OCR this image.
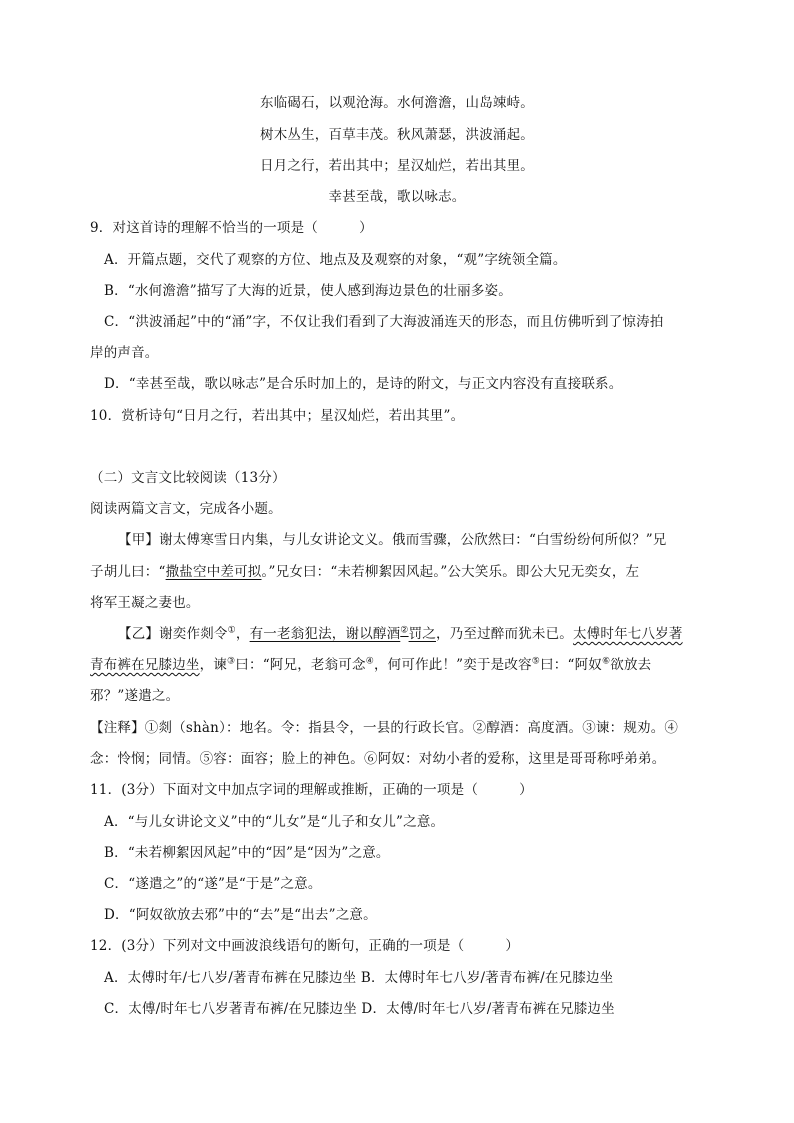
东临碣石，以观沧海。水何澹澹，山岛竦峙。
树木丛生，百草丰茂。秋风萧瑟，洪波涌起。
日月之行，若出其中；星汉灿烂，若出其里。
幸甚至哉，歌以咏志。
9．对这首诗的理解不恰当的一项是（　　　）
A．开篇点题，交代了观察的方位、地点及及观察的对象，“观”字统领全篇。
B．“水何澹澹”描写了大海的近景，使人感到海边景色的壮丽多姿。
C．“洪波涌起”中的“涌”字，不仅让我们看到了大海波涌连天的形态，而且仿佛听到了惊涛拍
岸的声音。
D．“幸甚至哉，歌以咏志”是合乐时加上的，是诗的附文，与正文内容没有直接联系。
10．赏析诗句“日月之行，若出其中；星汉灿烂，若出其里”。
（二）文言文比较阅读（13分）
阅读两篇文言文，完成各小题。
【甲】谢太傅寒雪日内集，与儿女讲论文义。俄而雪骤，公欣然曰：“白雪纷纷何所似？”兄
子胡儿曰：“撒盐空中差可拟。”兄女曰：“未若柳絮因风起。”公大笑乐。即公大兄无奕女，左
将军王凝之妻也。
【乙】谢奕作剡令①，有一老翁犯法，谢以醇酒②罚之，乃至过醉而犹未已。太傅时年七八岁著
青布裤在兄膝边坐，谏③曰：“阿兄，老翁可念④，何可作此！”奕于是改容⑤曰：“阿奴⑥欲放去
邪？”遂遣之。
【注释】①剡（shàn）：地名。令：指县令，一县的行政长官。②醇酒：高度酒。③谏：规劝。④
念：怜悯；同情。⑤容：面容；脸上的神色。⑥阿奴：对幼小者的爱称，这里是哥哥称呼弟弟。
11．(3分）下面对文中加点字词的理解或推断，正确的一项是（　　　）
A．“与儿女讲论文义”中的“儿女”是“儿子和女儿”之意。
B．“未若柳絮因风起”中的“因”是“因为”之意。
C．“遂遣之”的“遂”是“于是”之意。
D．“阿奴欲放去邪”中的“去”是“出去”之意。
12．(3分）下列对文中画波浪线语句的断句，正确的一项是（　　　）
A．太傅时年/七八岁/著青布裤在兄膝边坐 B．太傅时年七八岁/著青布裤/在兄膝边坐
C．太傅/时年七八岁著青布裤/在兄膝边坐 D．太傅/时年七八岁/著青布裤在兄膝边坐
